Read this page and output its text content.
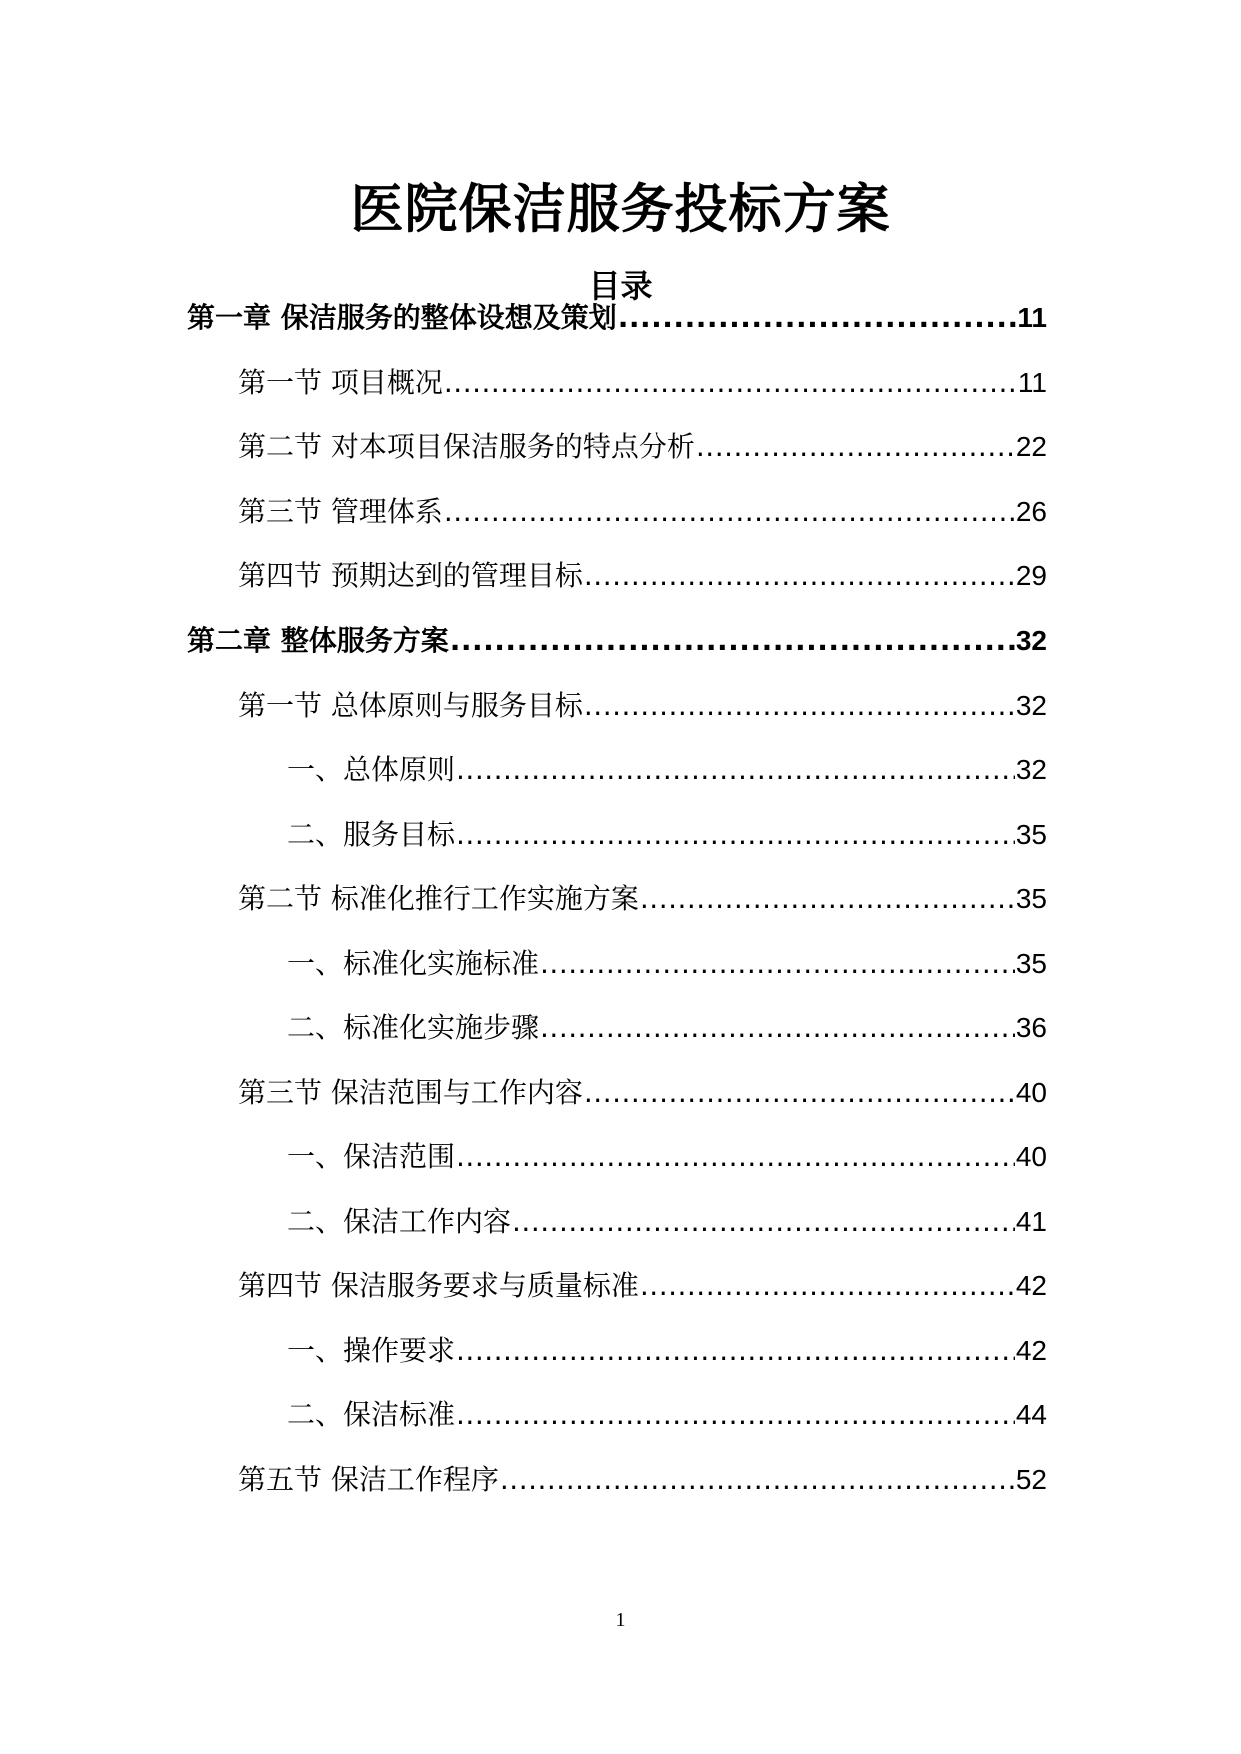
医院保洁服务投标方案
目录
第一章 保洁服务的整体设想及策划 .....	11
第一节 项目概况 .....	11
第二节 对本项目保洁服务的特点分析 .....	22
第三节 管理体系 .....	26
第四节 预期达到的管理目标 .....	29
第二章 整体服务方案 .....	32
第一节 总体原则与服务目标 .....	32
一、总体原则 .....	32
二、服务目标 .....	35
第二节 标准化推行工作实施方案 .....	35
一、标准化实施标准 .....	35
二、标准化实施步骤 .....	36
第三节 保洁范围与工作内容 .....	40
一、保洁范围 .....	40
二、保洁工作内容 .....	41
第四节 保洁服务要求与质量标准 .....	42
一、操作要求 .....	42
二、保洁标准 .....	44
第五节 保洁工作程序 .....	52
1
